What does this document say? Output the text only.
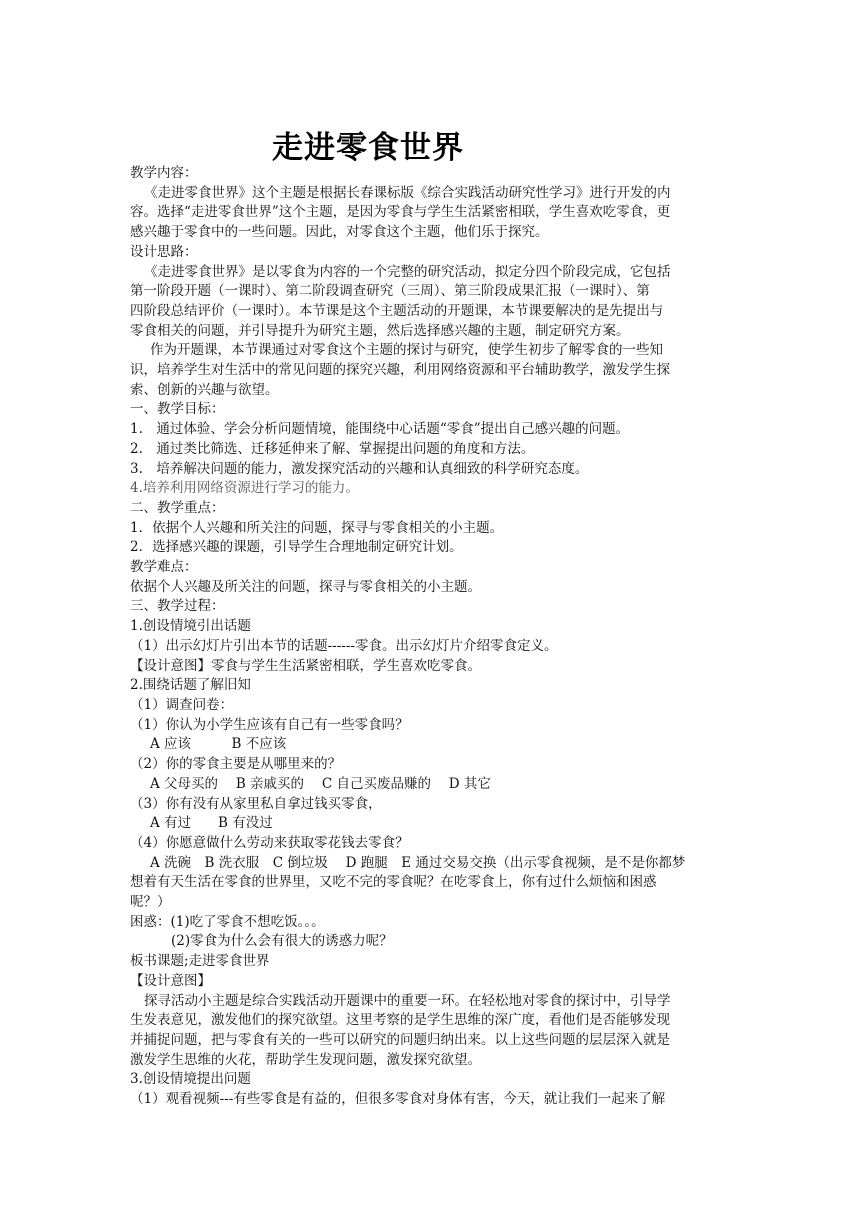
走进零食世界

教学内容：

《走进零食世界》这个主题是根据长春课标版《综合实践活动研究性学习》进行开发的内

容。选择“走进零食世界”这个主题，是因为零食与学生生活紧密相联，学生喜欢吃零食，更

感兴趣于零食中的一些问题。因此，对零食这个主题，他们乐于探究。

设计思路：

《走进零食世界》是以零食为内容的一个完整的研究活动，拟定分四个阶段完成，它包括

第一阶段开题（一课时）、第二阶段调查研究（三周）、第三阶段成果汇报（一课时）、第

四阶段总结评价（一课时）。本节课是这个主题活动的开题课，本节课要解决的是先提出与

零食相关的问题，并引导提升为研究主题，然后选择感兴趣的主题，制定研究方案。

作为开题课，本节课通过对零食这个主题的探讨与研究，使学生初步了解零食的一些知

识，培养学生对生活中的常见问题的探究兴趣，利用网络资源和平台辅助教学，激发学生探

索、创新的兴趣与欲望。

一、教学目标：

1.　通过体验、学会分析问题情境，能围绕中心话题“零食”提出自己感兴趣的问题。

2.　通过类比筛选、迁移延伸来了解、掌握提出问题的角度和方法。

3.　培养解决问题的能力，激发探究活动的兴趣和认真细致的科学研究态度。

4.培养利用网络资源进行学习的能力。

二、教学重点：

1．依据个人兴趣和所关注的问题，探寻与零食相关的小主题。

2．选择感兴趣的课题，引导学生合理地制定研究计划。

教学难点：

依据个人兴趣及所关注的问题，探寻与零食相关的小主题。

三、教学过程：

1.创设情境引出话题

（1）出示幻灯片引出本节的话题------零食。出示幻灯片介绍零食定义。

【设计意图】零食与学生生活紧密相联，学生喜欢吃零食。

2.围绕话题了解旧知

（1）调查问卷：

（1）你认为小学生应该有自己有一些零食吗？

A 应该　　　B 不应该

（2）你的零食主要是从哪里来的？

A 父母买的　 B 亲戚买的　 C 自己买废品赚的　 D 其它

（3）你有没有从家里私自拿过钱买零食，

A 有过　　B 有没过

（4）你愿意做什么劳动来获取零花钱去零食？

A 洗碗　B 洗衣服　C 倒垃圾　 D 跑腿　E 通过交易交换（出示零食视频，是不是你都梦

想着有天生活在零食的世界里，又吃不完的零食呢？在吃零食上，你有过什么烦恼和困惑

呢？）

困惑：(1)吃了零食不想吃饭。。。

(2)零食为什么会有很大的诱惑力呢？

板书课题;走进零食世界

【设计意图】

探寻活动小主题是综合实践活动开题课中的重要一环。在轻松地对零食的探讨中，引导学

生发表意见，激发他们的探究欲望。这里考察的是学生思维的深广度，看他们是否能够发现

并捕捉问题，把与零食有关的一些可以研究的问题归纳出来。以上这些问题的层层深入就是

激发学生思维的火花，帮助学生发现问题，激发探究欲望。

3.创设情境提出问题

（1）观看视频---有些零食是有益的，但很多零食对身体有害，今天，就让我们一起来了解
